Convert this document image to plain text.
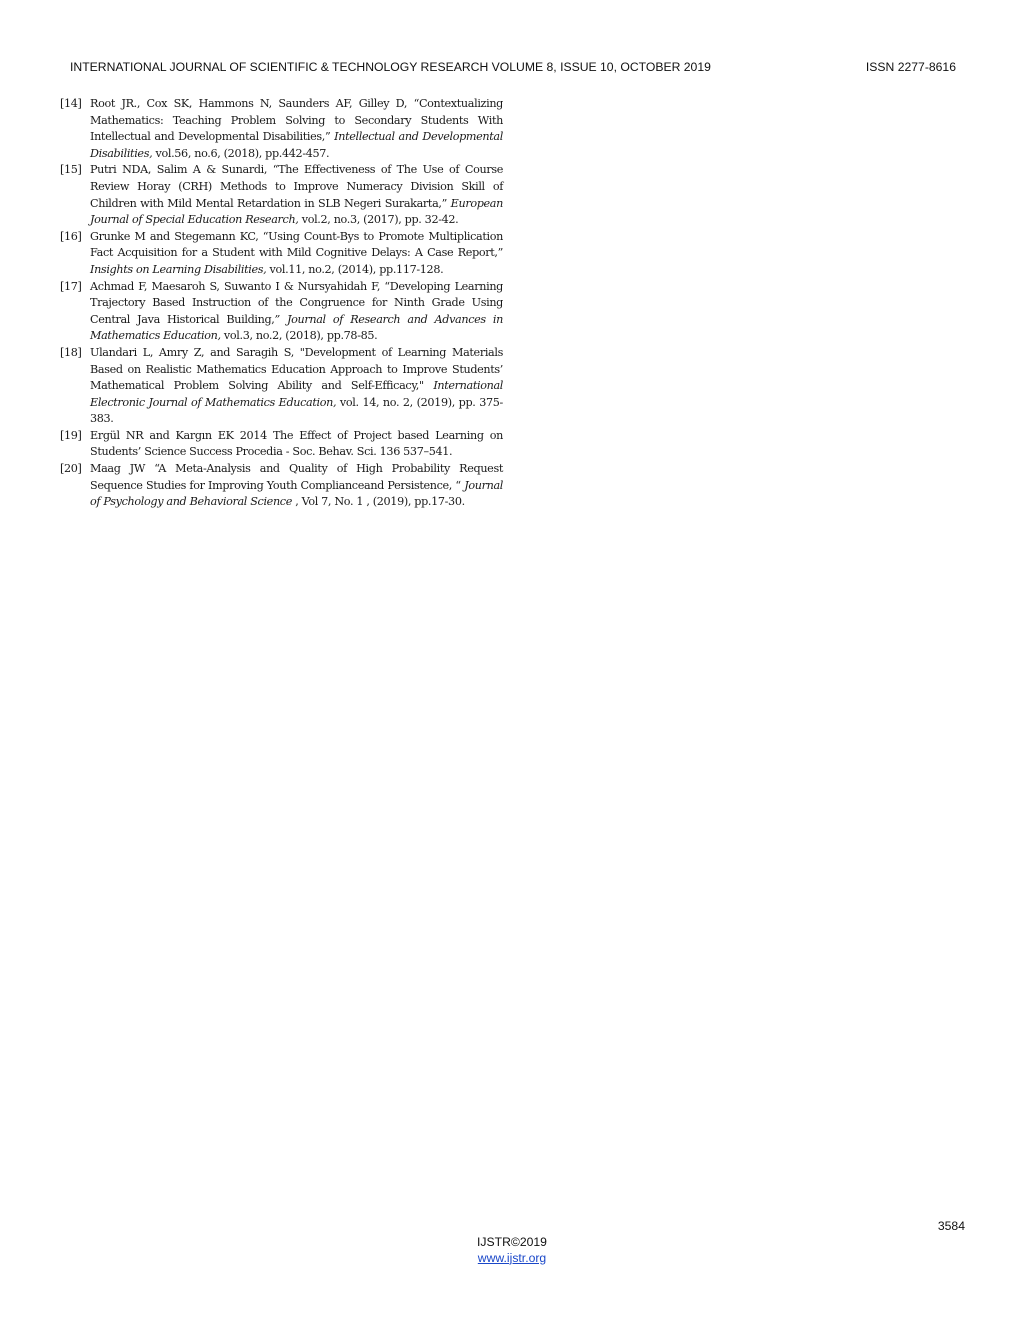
INTERNATIONAL JOURNAL OF SCIENTIFIC & TECHNOLOGY RESEARCH VOLUME 8, ISSUE 10, OCTOBER 2019	ISSN 2277-8616
[14] Root JR., Cox SK, Hammons N, Saunders AF, Gilley D, “Contextualizing Mathematics: Teaching Problem Solving to Secondary Students With Intellectual and Developmental Disabilities,” Intellectual and Developmental Disabilities, vol.56, no.6, (2018), pp.442-457.
[15] Putri NDA, Salim A & Sunardi, “The Effectiveness of The Use of Course Review Horay (CRH) Methods to Improve Numeracy Division Skill of Children with Mild Mental Retardation in SLB Negeri Surakarta,” European Journal of Special Education Research, vol.2, no.3, (2017), pp. 32-42.
[16] Grunke M and Stegemann KC, “Using Count-Bys to Promote Multiplication Fact Acquisition for a Student with Mild Cognitive Delays: A Case Report,” Insights on Learning Disabilities, vol.11, no.2, (2014), pp.117-128.
[17] Achmad F, Maesaroh S, Suwanto I & Nursyahidah F, “Developing Learning Trajectory Based Instruction of the Congruence for Ninth Grade Using Central Java Historical Building,” Journal of Research and Advances in Mathematics Education, vol.3, no.2, (2018), pp.78-85.
[18] Ulandari L, Amry Z, and Saragih S, "Development of Learning Materials Based on Realistic Mathematics Education Approach to Improve Students’ Mathematical Problem Solving Ability and Self-Efficacy," International Electronic Journal of Mathematics Education, vol. 14, no. 2, (2019), pp. 375-383.
[19] Ergül NR and Kargın EK 2014 The Effect of Project based Learning on Students’ Science Success Procedia - Soc. Behav. Sci. 136 537–541.
[20] Maag JW “A Meta-Analysis and Quality of High Probability Request Sequence Studies for Improving Youth Complianceand Persistence, “ Journal of Psychology and Behavioral Science , Vol 7, No. 1 , (2019), pp.17-30.
3584
IJSTR©2019
www.ijstr.org
